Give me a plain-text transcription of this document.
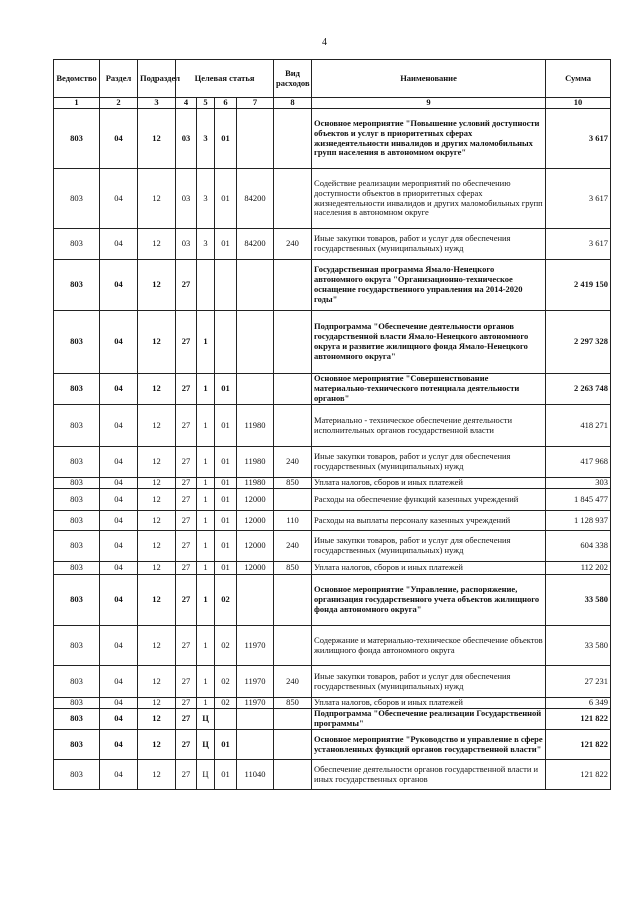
4
Ведомство	Раздел	Подраздел	Целевая статья				Вид расходов	Наименование	Сумма
1	2	3	4	5	6	7	8	9	10
803	04	12	03	3	01			Основное мероприятие "Повышение условий доступности объектов и услуг в приоритетных сферах жизнедеятельности инвалидов и других маломобильных групп населения в автономном округе"	3 617
803	04	12	03	3	01	84200		Содействие реализации мероприятий по обеспечению доступности объектов в приоритетных сферах жизнедеятельности инвалидов и других маломобильных групп населения в автономном округе	3 617
803	04	12	03	3	01	84200	240	Иные закупки товаров, работ и услуг для обеспечения государственных (муниципальных) нужд	3 617
803	04	12	27					Государственная программа Ямало-Ненецкого автономного округа "Организационно-техническое оснащение государственного управления на 2014-2020 годы"	2 419 150
803	04	12	27	1				Подпрограмма "Обеспечение деятельности органов государственной власти Ямало-Ненецкого автономного округа и развитие жилищного фонда Ямало-Ненецкого автономного округа"	2 297 328
803	04	12	27	1	01			Основное мероприятие "Совершенствование материально-технического потенциала деятельности органов"	2 263 748
803	04	12	27	1	01	11980		Материально - техническое обеспечение деятельности исполнительных органов государственной власти	418 271
803	04	12	27	1	01	11980	240	Иные закупки товаров, работ и услуг для обеспечения государственных (муниципальных) нужд	417 968
803	04	12	27	1	01	11980	850	Уплата налогов, сборов и иных платежей	303
803	04	12	27	1	01	12000		Расходы на обеспечение функций казенных учреждений	1 845 477
803	04	12	27	1	01	12000	110	Расходы на выплаты персоналу казенных учреждений	1 128 937
803	04	12	27	1	01	12000	240	Иные закупки товаров, работ и услуг для обеспечения государственных (муниципальных) нужд	604 338
803	04	12	27	1	01	12000	850	Уплата налогов, сборов и иных платежей	112 202
803	04	12	27	1	02			Основное мероприятие "Управление, распоряжение, организация государственного учета объектов жилищного фонда автономного округа"	33 580
803	04	12	27	1	02	11970		Содержание и материально-техническое обеспечение объектов жилищного фонда автономного округа	33 580
803	04	12	27	1	02	11970	240	Иные закупки товаров, работ и услуг для обеспечения государственных (муниципальных) нужд	27 231
803	04	12	27	1	02	11970	850	Уплата налогов, сборов и иных платежей	6 349
803	04	12	27	Ц				Подпрограмма "Обеспечение реализации Государственной программы"	121 822
803	04	12	27	Ц	01			Основное мероприятие "Руководство и управление в сфере установленных функций органов государственной власти"	121 822
803	04	12	27	Ц	01	11040		Обеспечение деятельности органов государственной власти и иных государственных органов	121 822
